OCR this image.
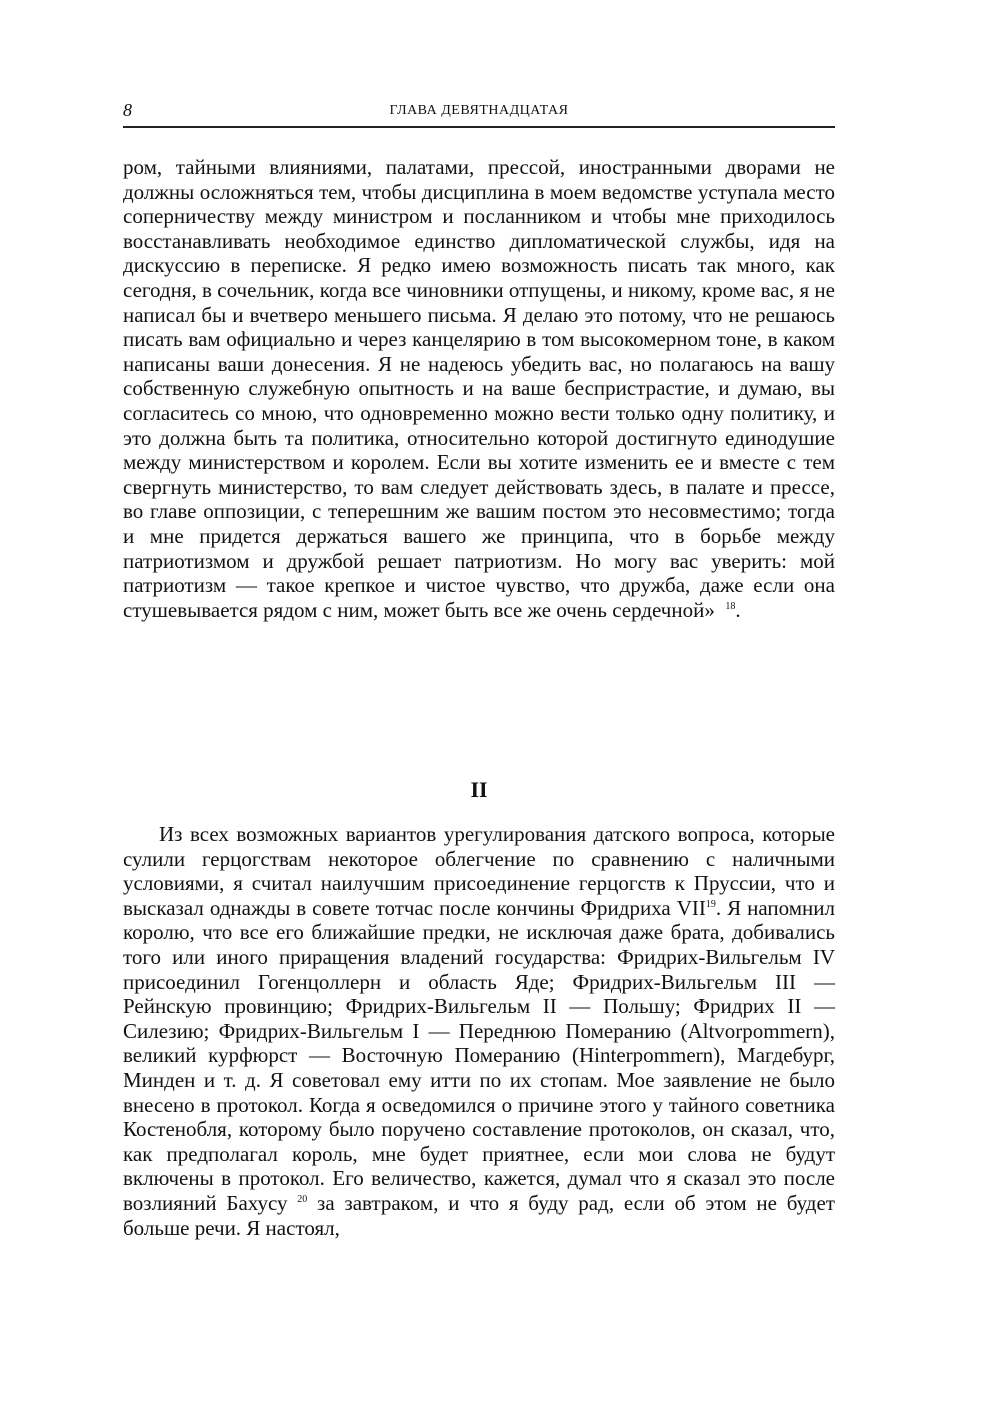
8	ГЛАВА ДЕВЯТНАДЦАТАЯ

ром, тайными влияниями, палатами, прессой, иностранными дворами не должны осложняться тем, чтобы дисциплина в моем ведомстве уступала место соперничеству между министром и посланником и чтобы мне приходилось восстанавливать необходимое единство дипломатической службы, идя на дискуссию в переписке. Я редко имею возможность писать так много, как сегодня, в сочельник, когда все чиновники отпущены, и никому, кроме вас, я не написал бы и вчетверо меньшего письма. Я делаю это потому, что не решаюсь писать вам официально и через канцелярию в том высокомерном тоне, в каком написаны ваши донесения. Я не надеюсь убедить вас, но полагаюсь на вашу собственную служебную опытность и на ваше беспристрастие, и думаю, вы согласитесь со мною, что одновременно можно вести только одну политику, и это должна быть та политика, относительно которой достигнуто единодушие между министерством и королем. Если вы хотите изменить ее и вместе с тем свергнуть министерство, то вам следует действовать здесь, в палате и прессе, во главе оппозиции, с теперешним же вашим постом это несовместимо; тогда и мне придется держаться вашего же принципа, что в борьбе между патриотизмом и дружбой решает патриотизм. Но могу вас уверить: мой патриотизм — такое крепкое и чистое чувство, что дружба, даже если она стушевывается рядом с ним, может быть все же очень сердечной» $^{18}$.

II

Из всех возможных вариантов урегулирования датского вопроса, которые сулили герцогствам некоторое облегчение по сравнению с наличными условиями, я считал наилучшим присоединение герцогств к Пруссии, что и высказал однажды в совете тотчас после кончины Фридриха VII$^{19}$. Я напомнил королю, что все его ближайшие предки, не исключая даже брата, добивались того или иного приращения владений государства: Фридрих-Вильгельм IV присоединил Гогенцоллерн и область Яде; Фридрих-Вильгельм III — Рейнскую провинцию; Фридрих-Вильгельм II — Польшу; Фридрих II — Силезию; Фридрих-Вильгельм I — Переднюю Померанию (Altvorpommern), великий курфюрст — Восточную Померанию (Hinterpommern), Магдебург, Минден и т. д. Я советовал ему итти по их стопам. Мое заявление не было внесено в протокол. Когда я осведомился о причине этого у тайного советника Костенобля, которому было поручено составление протоколов, он сказал, что, как предполагал король, мне будет приятнее, если мои слова не будут включены в протокол. Его величество, кажется, думал что я сказал это после возлияний Бахусу $^{20}$ за завтраком, и что я буду рад, если об этом не будет больше речи. Я настоял,
